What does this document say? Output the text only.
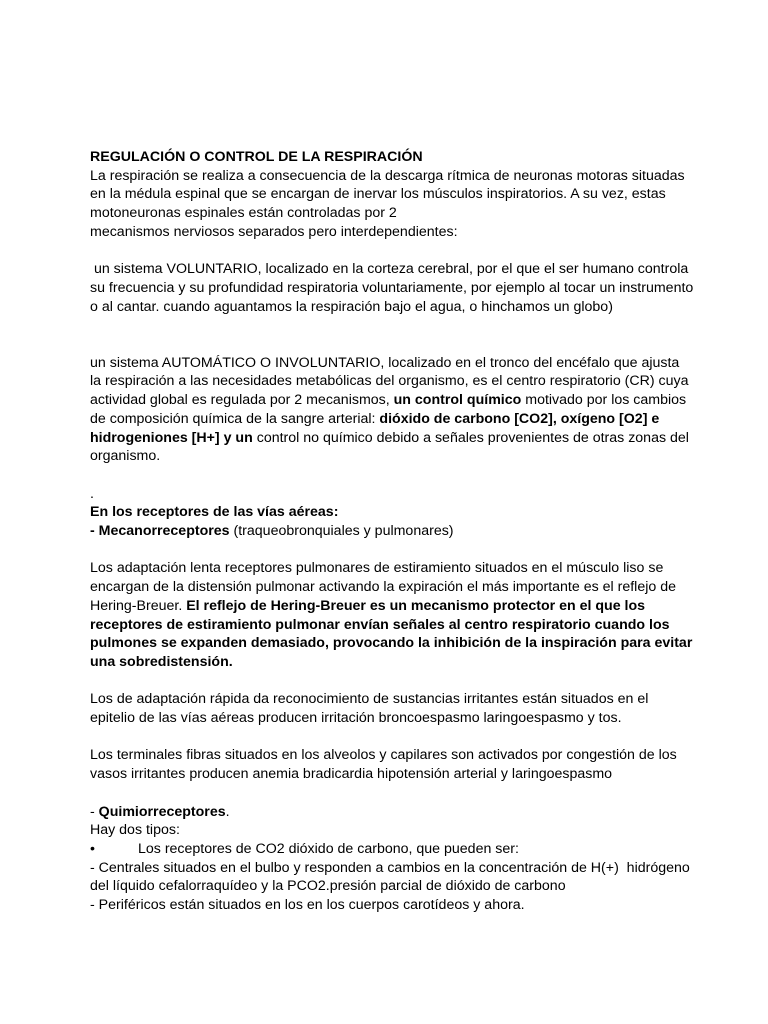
REGULACIÓN O CONTROL DE LA RESPIRACIÓN

La respiración se realiza a consecuencia de la descarga rítmica de neuronas motoras situadas

en la médula espinal que se encargan de inervar los músculos inspiratorios. A su vez, estas

motoneuronas espinales están controladas por 2

mecanismos nerviosos separados pero interdependientes:

un sistema VOLUNTARIO, localizado en la corteza cerebral, por el que el ser humano controla

su frecuencia y su profundidad respiratoria voluntariamente, por ejemplo al tocar un instrumento

o al cantar. cuando aguantamos la respiración bajo el agua, o hinchamos un globo)

un sistema AUTOMÁTICO O INVOLUNTARIO, localizado en el tronco del encéfalo que ajusta

la respiración a las necesidades metabólicas del organismo, es el centro respiratorio (CR) cuya

actividad global es regulada por 2 mecanismos, un control químico motivado por los cambios

de composición química de la sangre arterial: dióxido de carbono [CO2], oxígeno [O2] e

hidrogeniones [H+] y un control no químico debido a señales provenientes de otras zonas del

organismo.

.

En los receptores de las vías aéreas:

- Mecanorreceptores (traqueobronquiales y pulmonares)

Los adaptación lenta receptores pulmonares de estiramiento situados en el músculo liso se

encargan de la distensión pulmonar activando la expiración el más importante es el reflejo de

Hering-Breuer. El reflejo de Hering-Breuer es un mecanismo protector en el que los

receptores de estiramiento pulmonar envían señales al centro respiratorio cuando los

pulmones se expanden demasiado, provocando la inhibición de la inspiración para evitar

una sobredistensión.

Los de adaptación rápida da reconocimiento de sustancias irritantes están situados en el

epitelio de las vías aéreas producen irritación broncoespasmo laringoespasmo y tos.

Los terminales fibras situados en los alveolos y capilares son activados por congestión de los

vasos irritantes producen anemia bradicardia hipotensión arterial y laringoespasmo

- Quimiorreceptores.

Hay dos tipos:

•	Los receptores de CO2 dióxido de carbono, que pueden ser:

- Centrales situados en el bulbo y responden a cambios en la concentración de H(+)  hidrógeno

del líquido cefalorraquídeo y la PCO2.presión parcial de dióxido de carbono

- Periféricos están situados en los en los cuerpos carotídeos y ahora.
